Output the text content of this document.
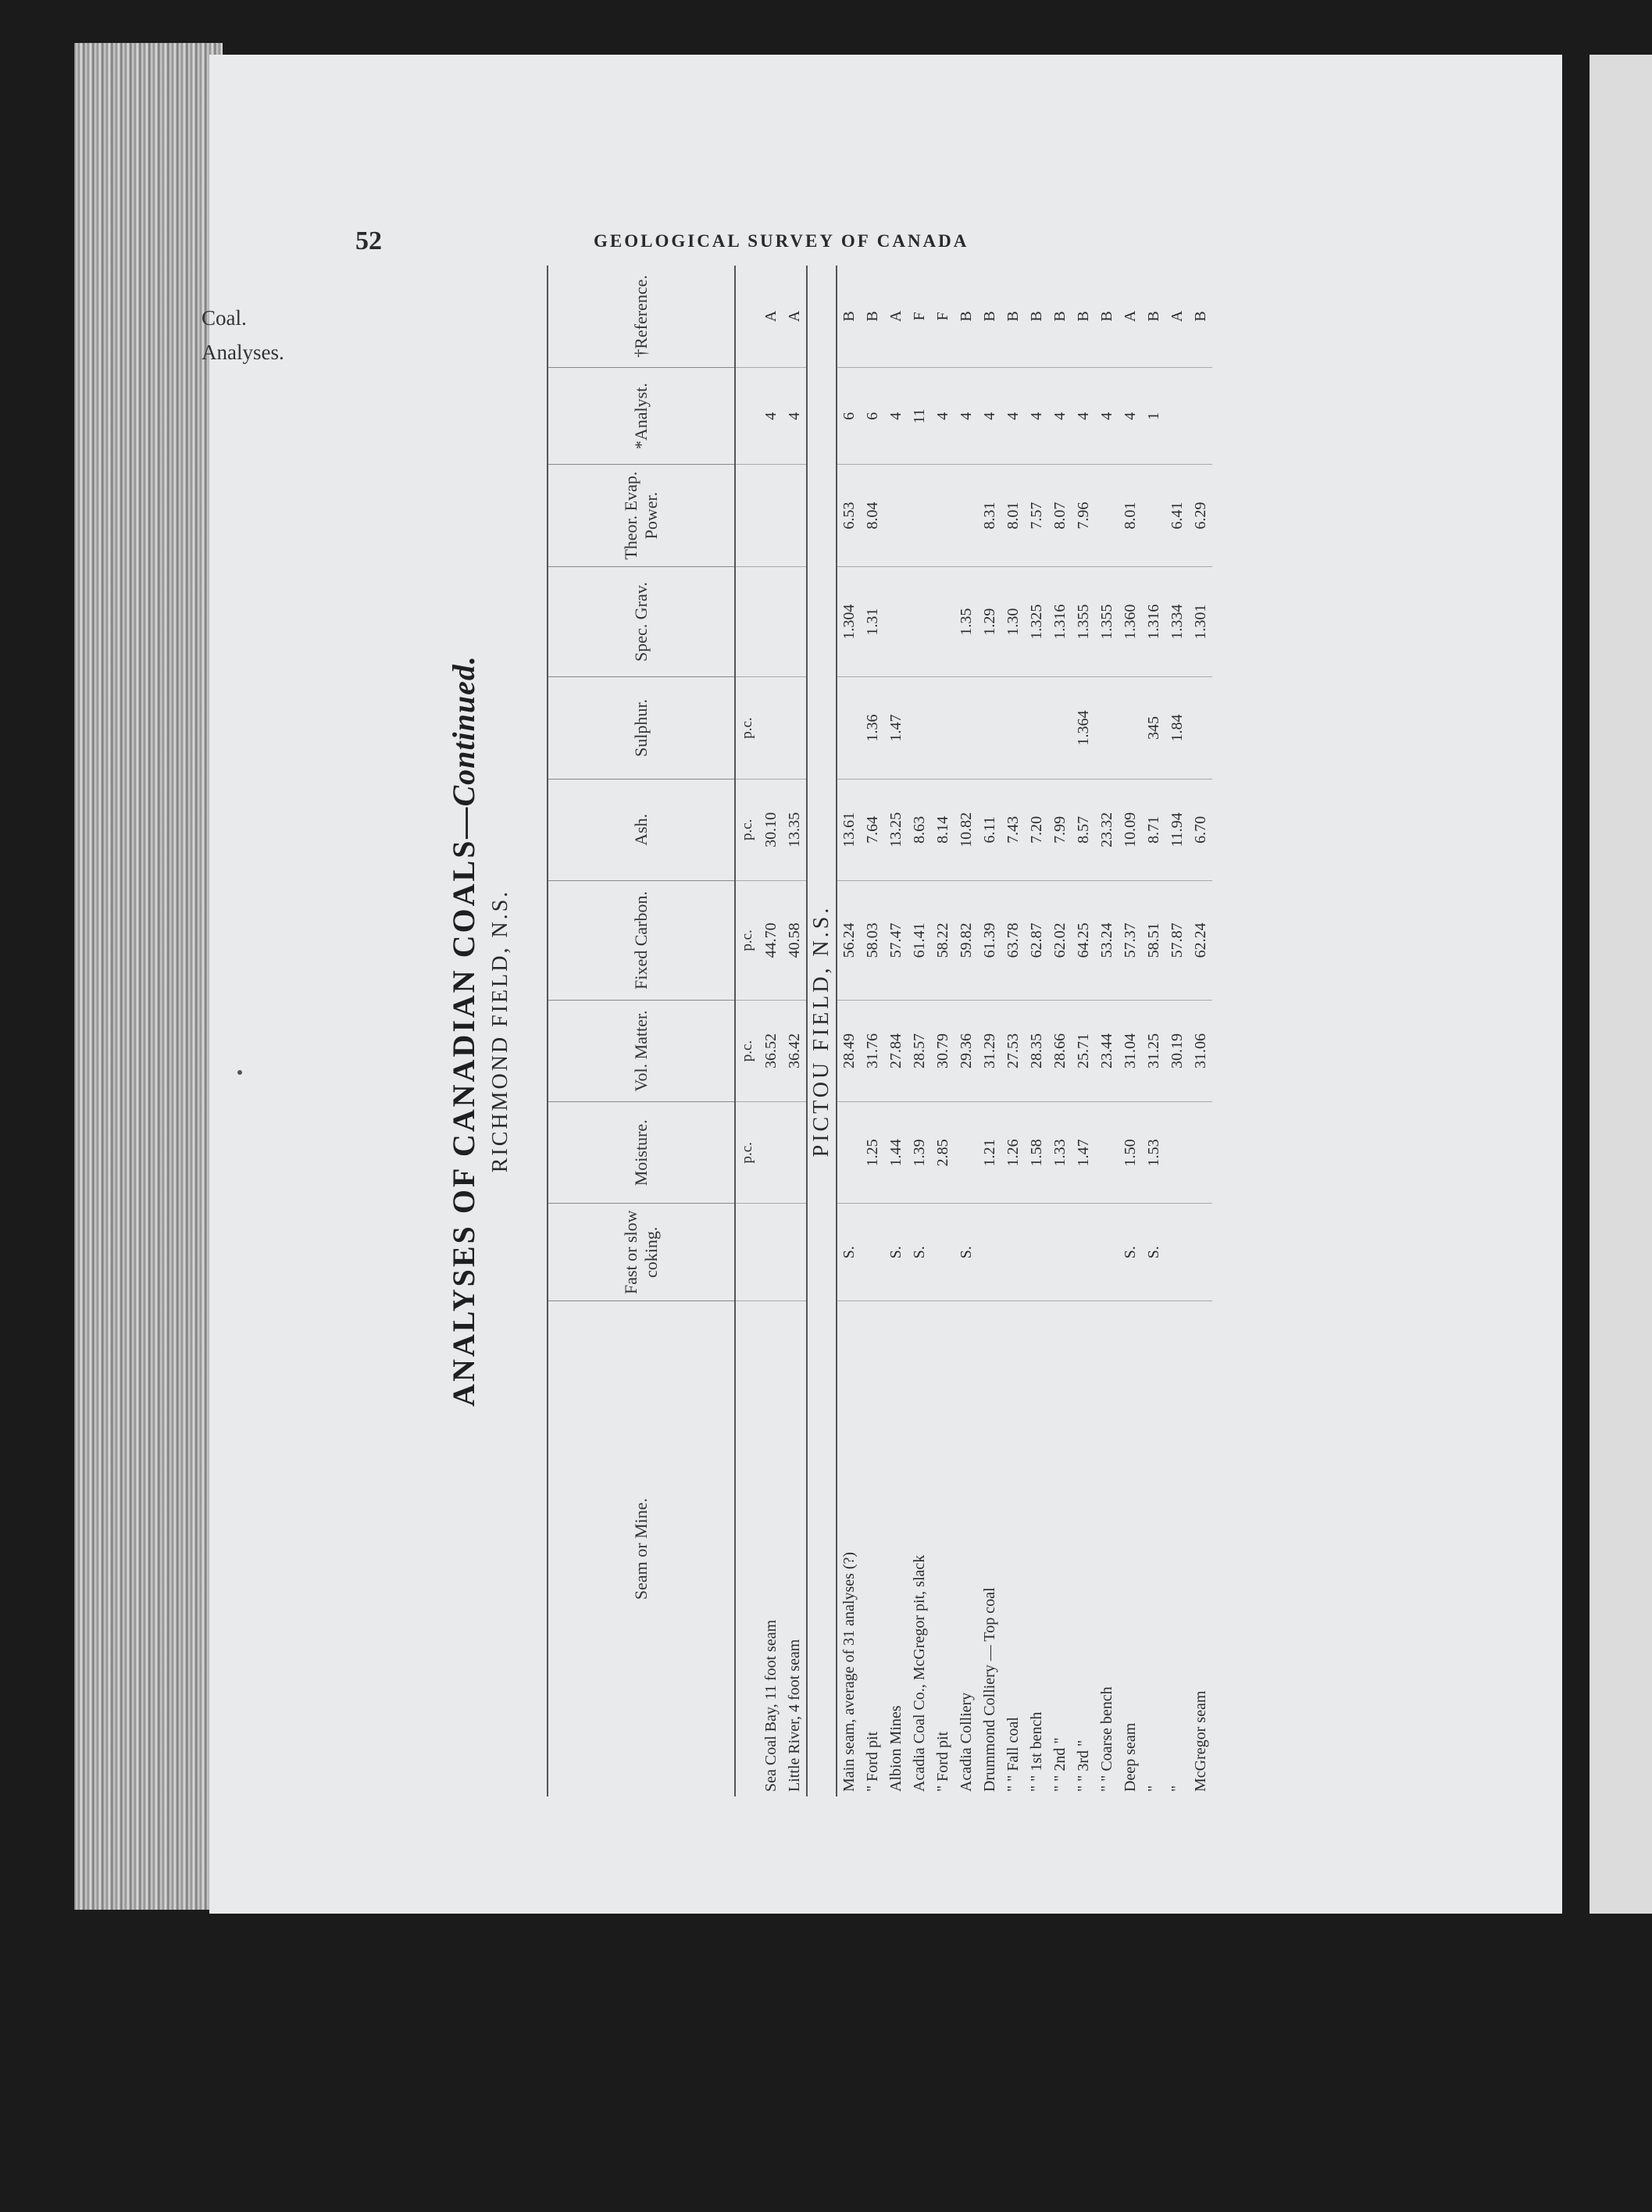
52	GEOLOGICAL SURVEY OF CANADA
Coal.
Analyses.
ANALYSES OF CANADIAN COALS—Continued.
RICHMOND FIELD, N.S.
Seam or Mine.	Fast or slow coking.	Moisture.	Vol. Matter.	Fixed Carbon.	Ash.	Sulphur.	Spec. Grav.	Theor. Evap. Power.	*Analyst.	†Reference.
		p.c.	p.c.	p.c.	p.c.	p.c.				
Sea Coal Bay, 11 foot seam			36.52	44.70	30.10				4	A
Little River, 4 foot seam			36.42	40.58	13.35				4	A
PICTOU FIELD, N.S.										
Main seam, average of 31 analyses (?)	S.		28.49	56.24	13.61		1.304	6.53	6	B
" Ford pit		1.25	31.76	58.03	7.64	1.36	1.31	8.04	6	B
Albion Mines	S.	1.44	27.84	57.47	13.25	1.47			4	A
Acadia Coal Co., McGregor pit, slack	S.	1.39	28.57	61.41	8.63				11	F
" Ford pit		2.85	30.79	58.22	8.14				4	F
Acadia Colliery	S.		29.36	59.82	10.82		1.35		4	B
Drummond Colliery — Top coal		1.21	31.29	61.39	6.11		1.29	8.31	4	B
" " Fall coal		1.26	27.53	63.78	7.43		1.30	8.01	4	B
" " 1st bench		1.58	28.35	62.87	7.20		1.325	7.57	4	B
" " 2nd "		1.33	28.66	62.02	7.99		1.316	8.07	4	B
" " 3rd "		1.47	25.71	64.25	8.57	1.364	1.355	7.96	4	B
" " Coarse bench			23.44	53.24	23.32		1.355		4	B
Deep seam	S.	1.50	31.04	57.37	10.09		1.360	8.01	4	A
"	S.	1.53	31.25	58.51	8.71	345	1.316		1	B
"			30.19	57.87	11.94	1.84	1.334	6.41		A
McGregor seam			31.06	62.24	6.70		1.301	6.29		B
